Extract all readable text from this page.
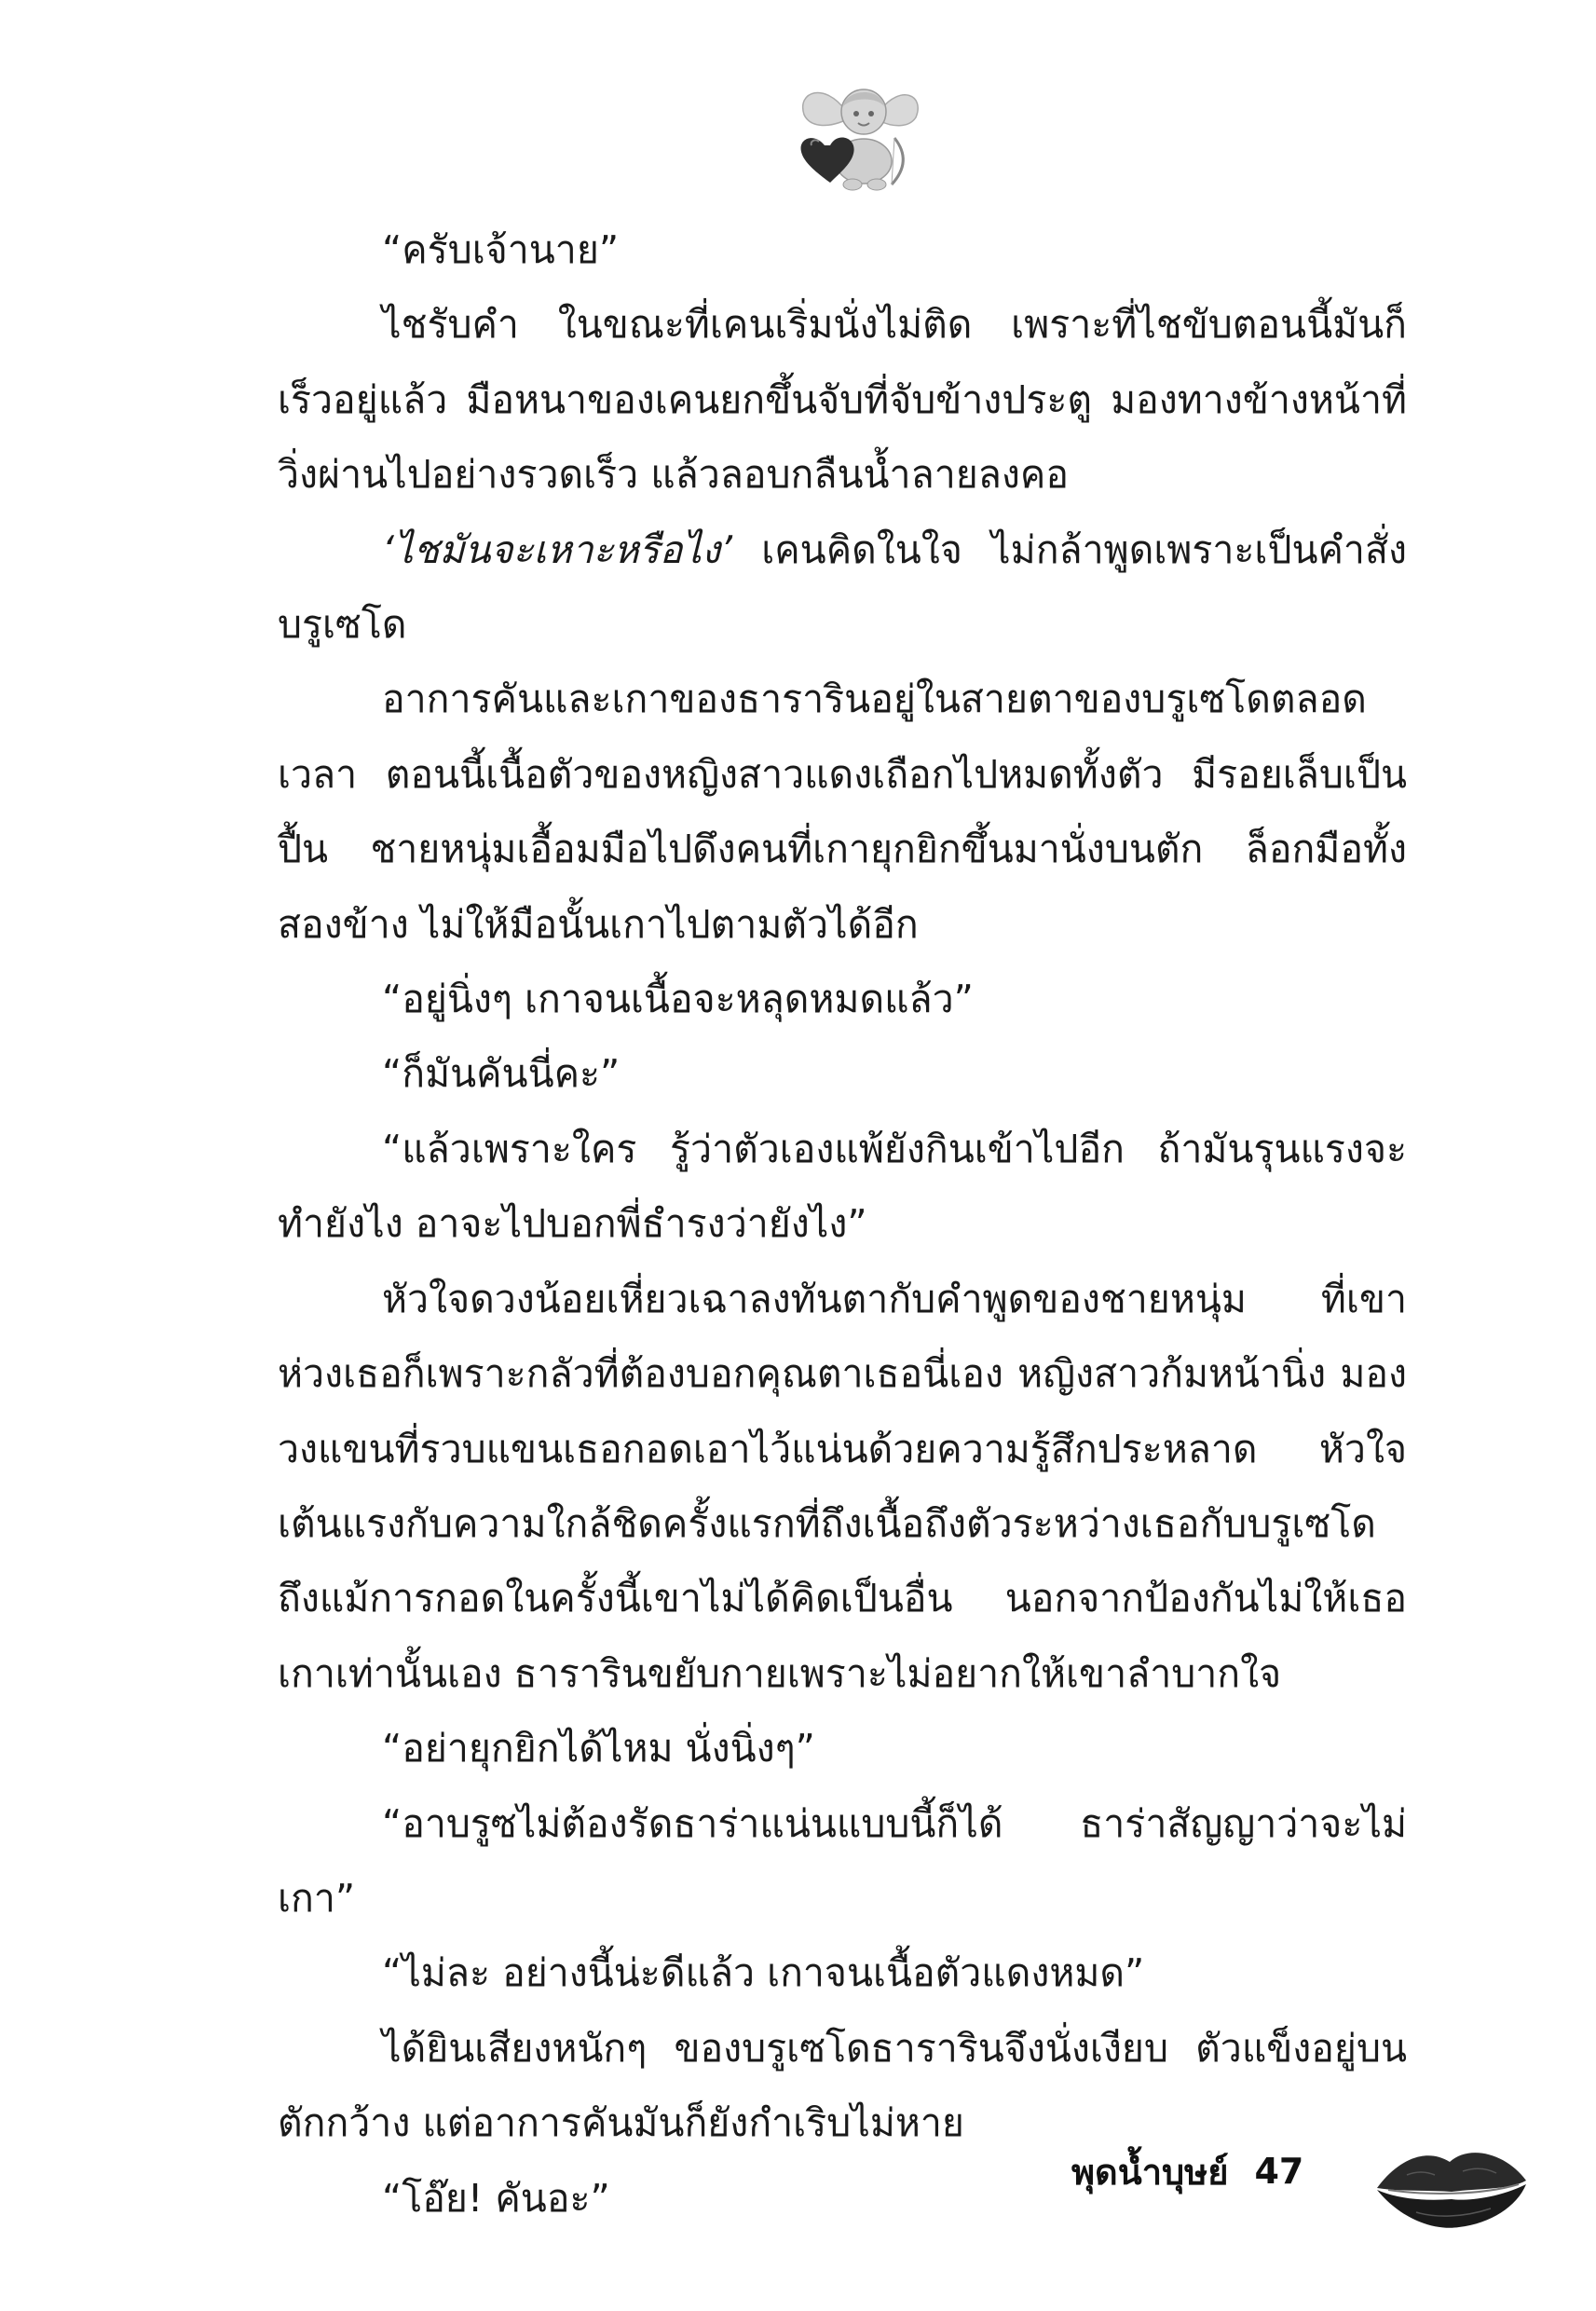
“ครับเจ้านาย”

ไชรับคำ ในขณะที่เคนเริ่มนั่งไม่ติด เพราะที่ไชขับตอนนี้มันก็เร็วอยู่แล้ว มือหนาของเคนยกขึ้นจับที่จับข้างประตู มองทางข้างหน้าที่วิ่งผ่านไปอย่างรวดเร็ว แล้วลอบกลืนน้ำลายลงคอ

‘ไชมันจะเหาะหรือไง’ เคนคิดในใจ ไม่กล้าพูดเพราะเป็นคำสั่งบรูเซโด

อาการคันและเกาของธารารินอยู่ในสายตาของบรูเซโดตลอดเวลา ตอนนี้เนื้อตัวของหญิงสาวแดงเถือกไปหมดทั้งตัว มีรอยเล็บเป็นปื้น ชายหนุ่มเอื้อมมือไปดึงคนที่เกายุกยิกขึ้นมานั่งบนตัก ล็อกมือทั้งสองข้าง ไม่ให้มือนั้นเกาไปตามตัวได้อีก

“อยู่นิ่งๆ เกาจนเนื้อจะหลุดหมดแล้ว”

“ก็มันคันนี่คะ”

“แล้วเพราะใคร รู้ว่าตัวเองแพ้ยังกินเข้าไปอีก ถ้ามันรุนแรงจะทำยังไง อาจะไปบอกพี่ธำรงว่ายังไง”

หัวใจดวงน้อยเหี่ยวเฉาลงทันตากับคำพูดของชายหนุ่ม ที่เขาห่วงเธอก็เพราะกลัวที่ต้องบอกคุณตาเธอนี่เอง หญิงสาวก้มหน้านิ่ง มองวงแขนที่รวบแขนเธอกอดเอาไว้แน่นด้วยความรู้สึกประหลาด หัวใจเต้นแรงกับความใกล้ชิดครั้งแรกที่ถึงเนื้อถึงตัวระหว่างเธอกับบรูเซโด ถึงแม้การกอดในครั้งนี้เขาไม่ได้คิดเป็นอื่น นอกจากป้องกันไม่ให้เธอเกาเท่านั้นเอง ธารารินขยับกายเพราะไม่อยากให้เขาลำบากใจ

“อย่ายุกยิกได้ไหม นั่งนิ่งๆ”

“อาบรูซไม่ต้องรัดธาร่าแน่นแบบนี้ก็ได้ ธาร่าสัญญาว่าจะไม่เกา”

“ไม่ละ อย่างนี้น่ะดีแล้ว เกาจนเนื้อตัวแดงหมด”

ได้ยินเสียงหนักๆ ของบรูเซโดธารารินจึงนั่งเงียบ ตัวแข็งอยู่บนตักกว้าง แต่อาการคันมันก็ยังกำเริบไม่หาย

“โอ๊ย! คันอะ”

พุดน้ำบุษย์ 47
